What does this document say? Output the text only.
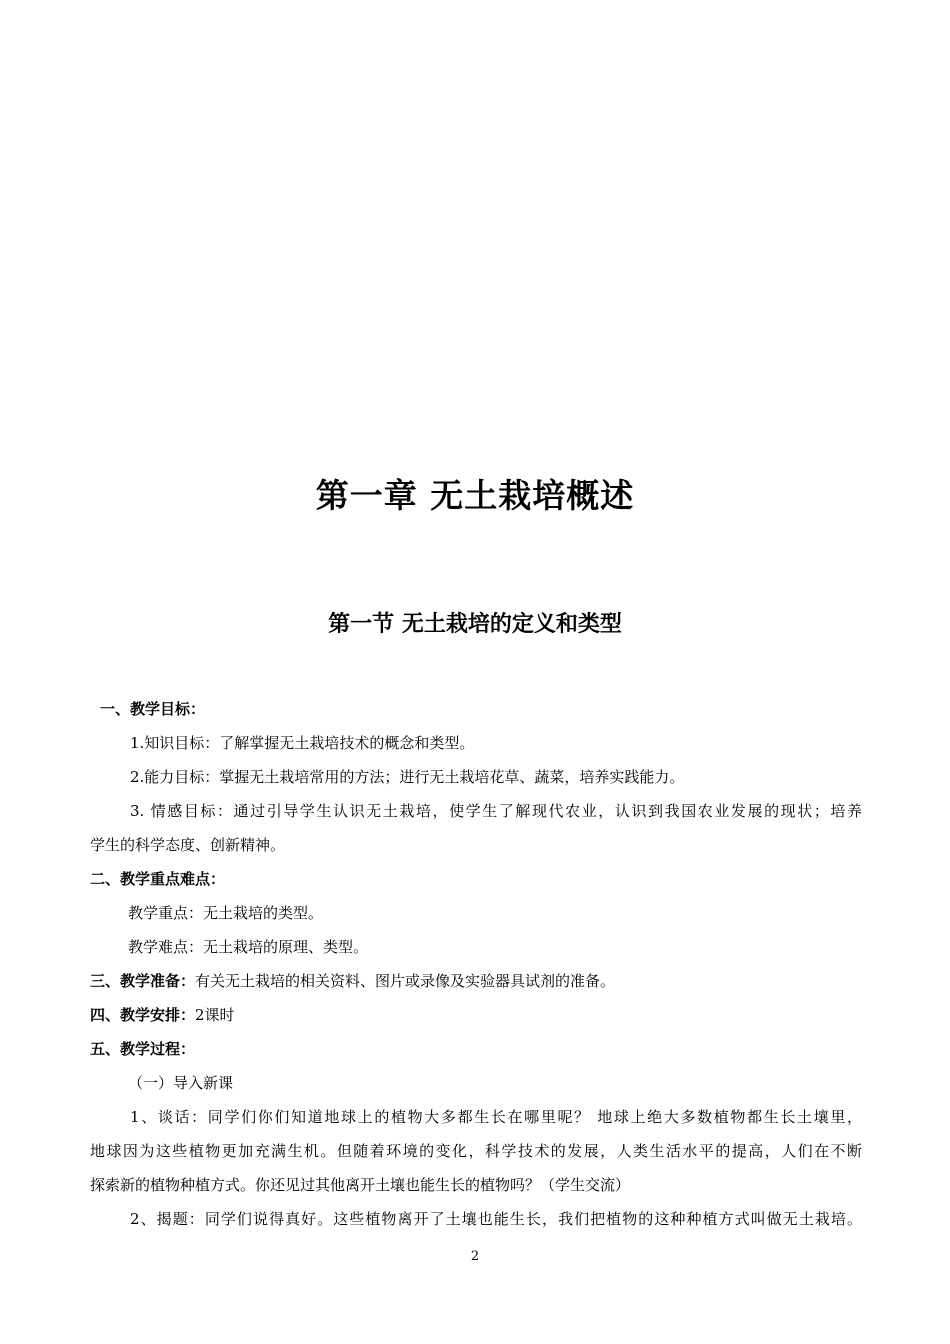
第一章 无土栽培概述
第一节 无土栽培的定义和类型
一、教学目标：
1.知识目标：了解掌握无土栽培技术的概念和类型。
2.能力目标：掌握无土栽培常用的方法；进行无土栽培花草、蔬菜，培养实践能力。
3. 情感目标：通过引导学生认识无土栽培，使学生了解现代农业，认识到我国农业发展的现状；培养
学生的科学态度、创新精神。
二、教学重点难点：
教学重点：无土栽培的类型。
教学难点：无土栽培的原理、类型。
三、教学准备：有关无土栽培的相关资料、图片或录像及实验器具试剂的准备。
四、教学安排：2课时
五、教学过程：
（一）导入新课
1、谈话：同学们你们知道地球上的植物大多都生长在哪里呢？ 地球上绝大多数植物都生长土壤里，
地球因为这些植物更加充满生机。但随着环境的变化，科学技术的发展，人类生活水平的提高，人们在不断
探索新的植物种植方式。你还见过其他离开土壤也能生长的植物吗？（学生交流）
2、揭题：同学们说得真好。这些植物离开了土壤也能生长，我们把植物的这种种植方式叫做无土栽培。
2
